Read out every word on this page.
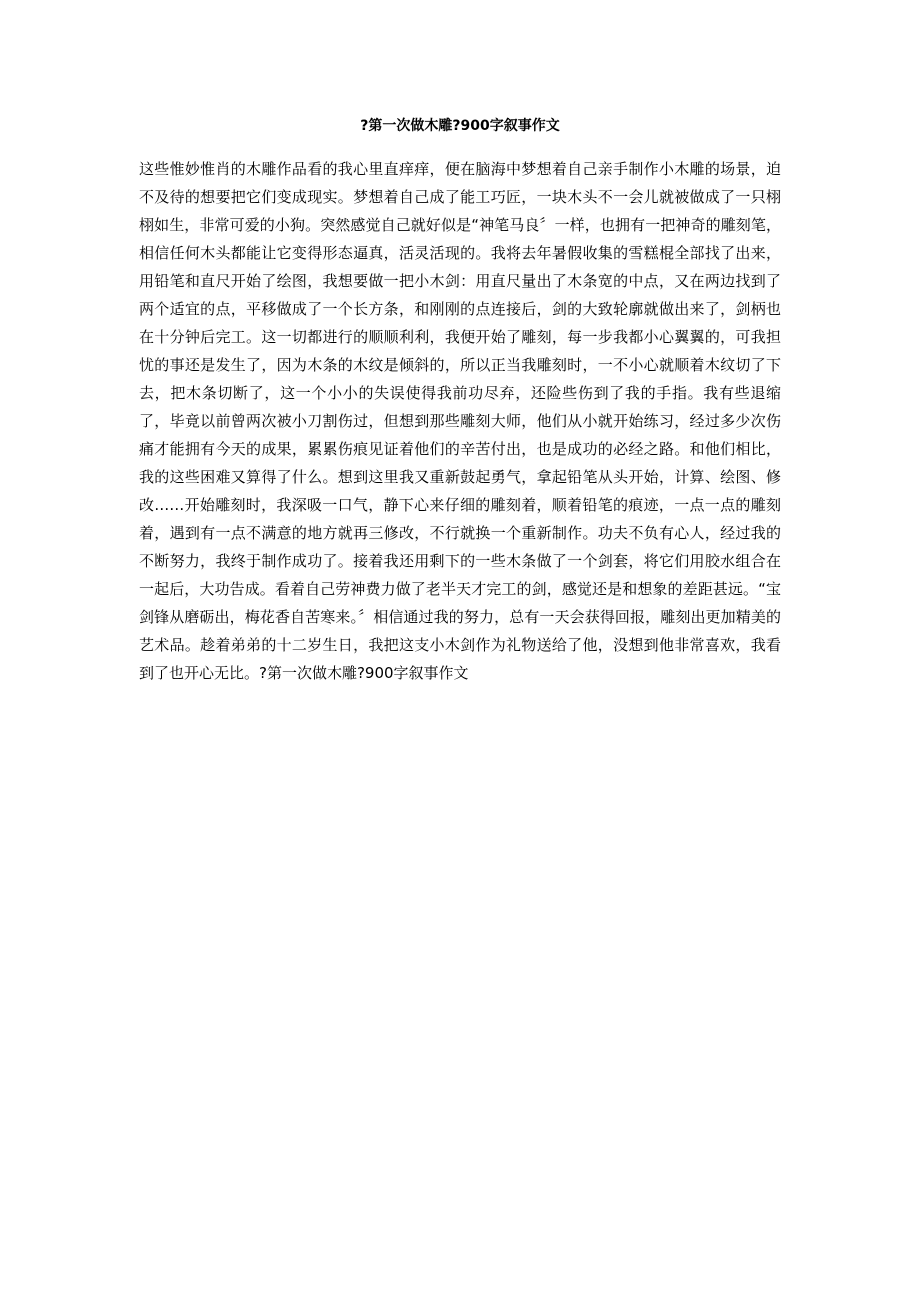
?第一次做木雕?900字叙事作文

这些惟妙惟肖的木雕作品看的我心里直痒痒，便在脑海中梦想着自己亲手制作小木雕的场景，迫不及待的想要把它们变成现实。梦想着自己成了能工巧匠，一块木头不一会儿就被做成了一只栩栩如生，非常可爱的小狗。突然感觉自己就好似是“神笔马良〞一样，也拥有一把神奇的雕刻笔，相信任何木头都能让它变得形态逼真，活灵活现的。我将去年暑假收集的雪糕棍全部找了出来，用铅笔和直尺开始了绘图，我想要做一把小木剑：用直尺量出了木条宽的中点，又在两边找到了两个适宜的点，平移做成了一个长方条，和刚刚的点连接后，剑的大致轮廓就做出来了，剑柄也在十分钟后完工。这一切都进行的顺顺利利，我便开始了雕刻，每一步我都小心翼翼的，可我担忧的事还是发生了，因为木条的木纹是倾斜的，所以正当我雕刻时，一不小心就顺着木纹切了下去，把木条切断了，这一个小小的失误使得我前功尽弃，还险些伤到了我的手指。我有些退缩了，毕竟以前曾两次被小刀割伤过，但想到那些雕刻大师，他们从小就开始练习，经过多少次伤痛才能拥有今天的成果，累累伤痕见证着他们的辛苦付出，也是成功的必经之路。和他们相比，我的这些困难又算得了什么。想到这里我又重新鼓起勇气，拿起铅笔从头开始，计算、绘图、修改……开始雕刻时，我深吸一口气，静下心来仔细的雕刻着，顺着铅笔的痕迹，一点一点的雕刻着，遇到有一点不满意的地方就再三修改，不行就换一个重新制作。功夫不负有心人，经过我的不断努力，我终于制作成功了。接着我还用剩下的一些木条做了一个剑套，将它们用胶水组合在一起后，大功告成。看着自己劳神费力做了老半天才完工的剑，感觉还是和想象的差距甚远。“宝剑锋从磨砺出，梅花香自苦寒来。〞相信通过我的努力，总有一天会获得回报，雕刻出更加精美的艺术品。趁着弟弟的十二岁生日，我把这支小木剑作为礼物送给了他，没想到他非常喜欢，我看到了也开心无比。?第一次做木雕?900字叙事作文
